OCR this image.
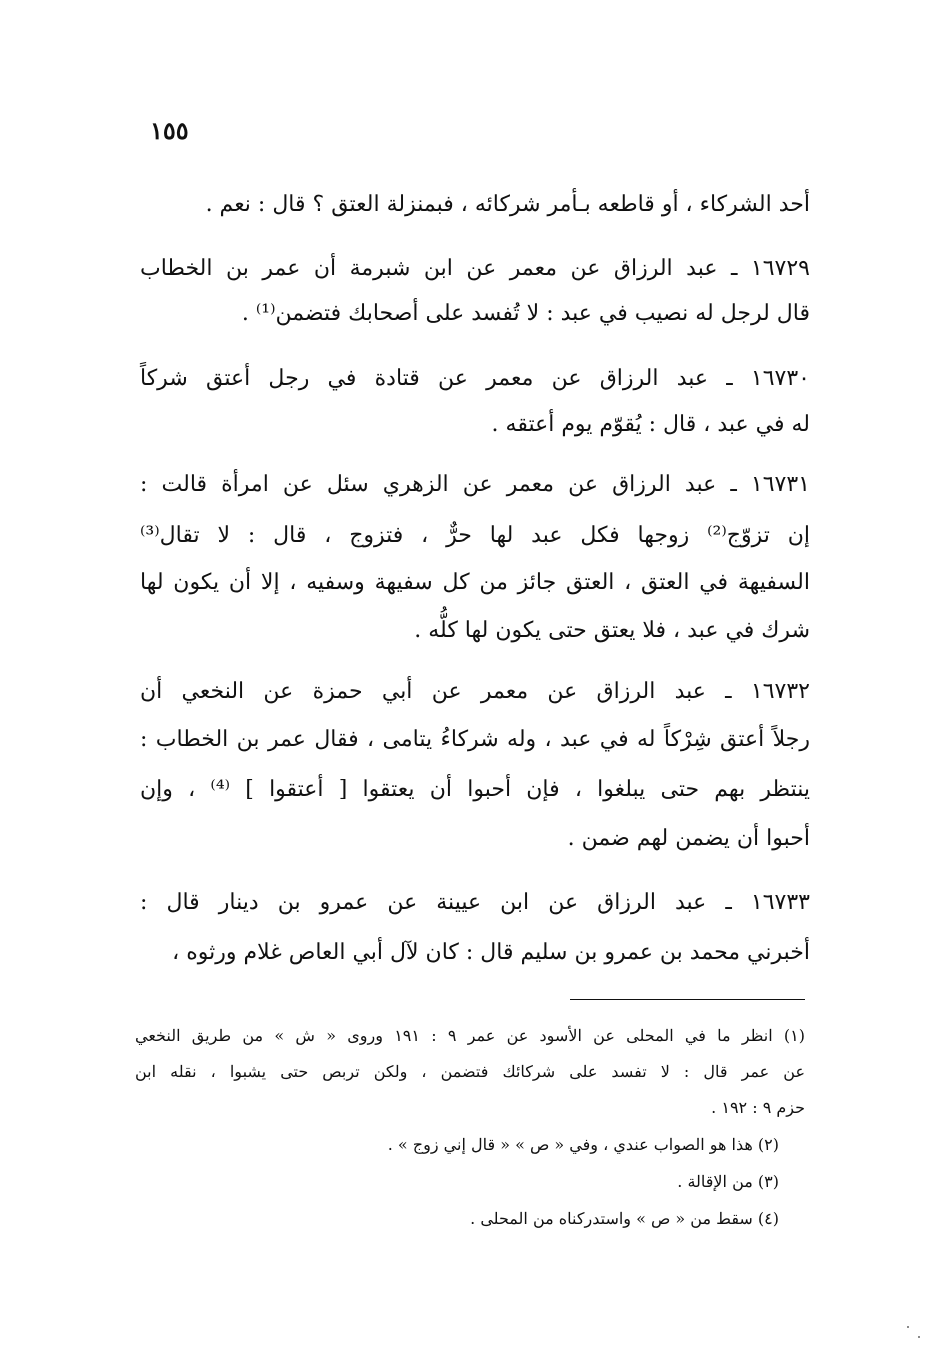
١٥٥
أحد الشركاء ، أو قاطعه بـأمر شركائه ، فبمنزلة العتق ؟ قال : نعم .
١٦٧٢٩ ـ عبد الرزاق عن معمر عن ابن شبرمة أن عمر بن الخطاب
قال لرجل له نصيب في عبد : لا تُفسد على أصحابك فتضمن⁽¹⁾ .
١٦٧٣٠ ـ عبد الرزاق عن معمر عن قتادة في رجل أعتق شركاً
له في عبد ، قال : يُقوّم يوم أعتقه .
١٦٧٣١ ـ عبد الرزاق عن معمر عن الزهري سئل عن امرأة قالت :
إن تزوّج⁽²⁾ زوجها فكل عبد لها حرٌّ ، فتزوج ، قال : لا تقال⁽³⁾
السفيهة في العتق ، العتق جائز من كل سفيهة وسفيه ، إلا أن يكون لها
شرك في عبد ، فلا يعتق حتى يكون لها كلُّه .
١٦٧٣٢ ـ عبد الرزاق عن معمر عن أبي حمزة عن النخعي أن
رجلاً أعتق شِرْكاً له في عبد ، وله شركاءُ يتامى ، فقال عمر بن الخطاب :
ينتظر بهم حتى يبلغوا ، فإن أحبوا أن يعتقوا [ أعتقوا ] ⁽⁴⁾ ، وإن
أحبوا أن يضمن لهم ضمن .
١٦٧٣٣ ـ عبد الرزاق عن ابن عيينة عن عمرو بن دينار قال :
أخبرني محمد بن عمرو بن سليم قال : كان لآل أبي العاص غلام ورثوه ،
(١) انظر ما في المحلى عن الأسود عن عمر ٩ : ١٩١ وروى « ش » من طريق النخعي
عن عمر قال : لا تفسد على شركائك فتضمن ، ولكن تربص حتى يشبوا ، نقله ابن
حزم ٩ : ١٩٢ .
(٢) هذا هو الصواب عندي ، وفي « ص » « قال إني زوج » .
(٣) من الإقالة .
(٤) سقط من « ص » واستدركناه من المحلى .
